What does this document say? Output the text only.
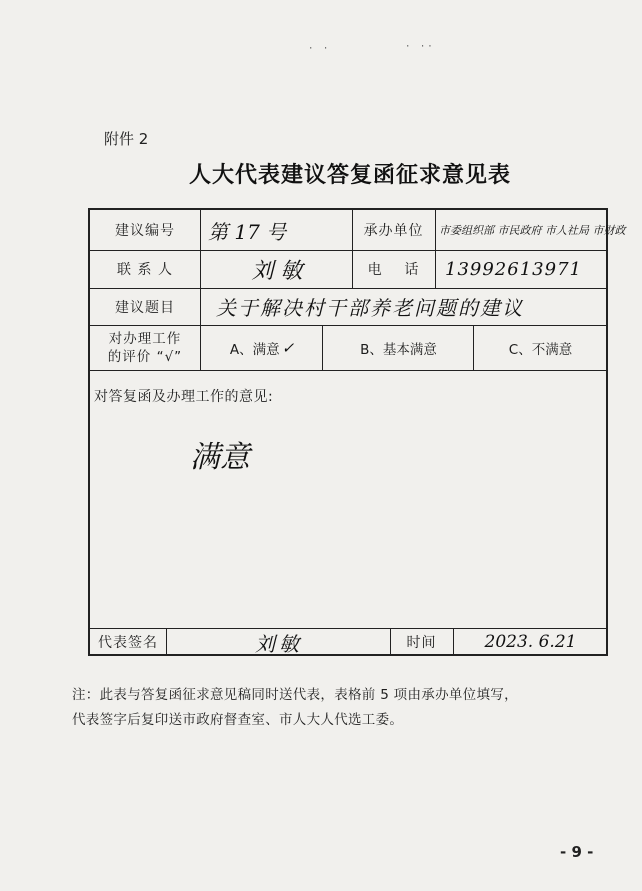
· ·	· ··
附件 2
人大代表建议答复函征求意见表
建议编号	第 17 号	承办单位	市委组织部 市民政府 市人社局 市财政
联 系 人	刘 敏	电    话	13992613971
建议题目	关于解决村干部养老问题的建议
对办理工作
的评价 “√”	A、满意 ✓	B、基本满意	C、不满意
对答复函及办理工作的意见:
满意
代表签名	刘敏	时间	2023. 6.21
注：此表与答复函征求意见稿同时送代表，表格前 5 项由承办单位填写，
代表签字后复印送市政府督查室、市人大人代选工委。
- 9 -
